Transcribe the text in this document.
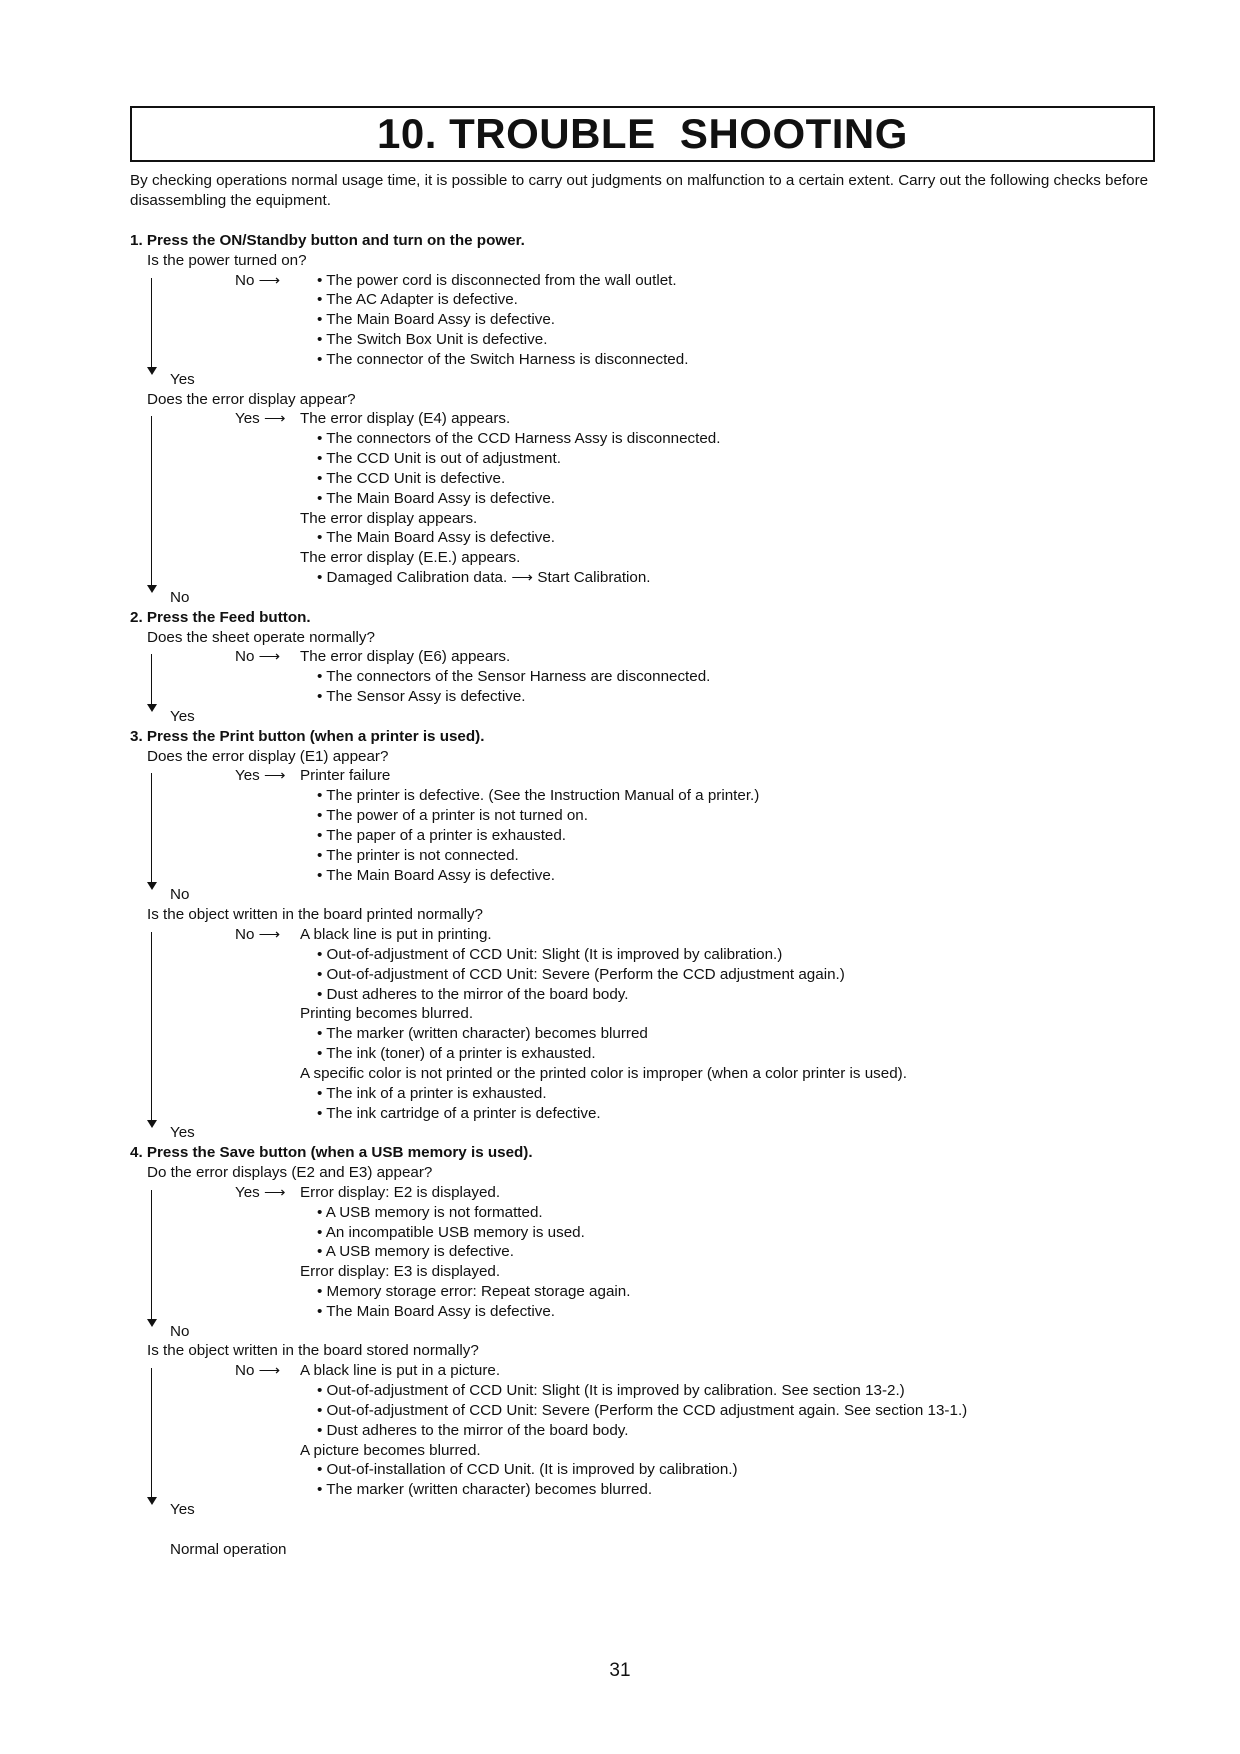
10. TROUBLE  SHOOTING
By checking operations normal usage time, it is possible to carry out judgments on malfunction to a certain extent. Carry out the following checks before disassembling the equipment.
1. Press the ON/Standby button and turn on the power.
Is the power turned on?
No ⟶ • The power cord is disconnected from the wall outlet.
• The AC Adapter is defective.
• The Main Board Assy is defective.
• The Switch Box Unit is defective.
• The connector of the Switch Harness is disconnected.
Yes
Does the error display appear?
Yes ⟶ The error display (E4) appears.
• The connectors of the CCD Harness Assy is disconnected.
• The CCD Unit is out of adjustment.
• The CCD Unit is defective.
• The Main Board Assy is defective.
The error display appears.
• The Main Board Assy is defective.
The error display (E.E.) appears.
• Damaged Calibration data. ⟶ Start Calibration.
No
2. Press the Feed button.
Does the sheet operate normally?
No ⟶ The error display (E6) appears.
• The connectors of the Sensor Harness are disconnected.
• The Sensor Assy is defective.
Yes
3. Press the Print button (when a printer is used).
Does the error display (E1) appear?
Yes ⟶ Printer failure
• The printer is defective. (See the Instruction Manual of a printer.)
• The power of a printer is not turned on.
• The paper of a printer is exhausted.
• The printer is not connected.
• The Main Board Assy is defective.
No
Is the object written in the board printed normally?
No ⟶ A black line is put in printing.
• Out-of-adjustment of CCD Unit: Slight (It is improved by calibration.)
• Out-of-adjustment of CCD Unit: Severe (Perform the CCD adjustment again.)
• Dust adheres to the mirror of the board body.
Printing becomes blurred.
• The marker (written character) becomes blurred
• The ink (toner) of a printer is exhausted.
A specific color is not printed or the printed color is improper (when a color printer is used).
• The ink of a printer is exhausted.
• The ink cartridge of a printer is defective.
Yes
4. Press the Save button (when a USB memory is used).
Do the error displays (E2 and E3) appear?
Yes ⟶ Error display: E2 is displayed.
• A USB memory is not formatted.
• An incompatible USB memory is used.
• A USB memory is defective.
Error display: E3 is displayed.
• Memory storage error: Repeat storage again.
• The Main Board Assy is defective.
No
Is the object written in the board stored normally?
No ⟶ A black line is put in a picture.
• Out-of-adjustment of CCD Unit: Slight (It is improved by calibration. See section 13-2.)
• Out-of-adjustment of CCD Unit: Severe (Perform the CCD adjustment again. See section 13-1.)
• Dust adheres to the mirror of the board body.
A picture becomes blurred.
• Out-of-installation of CCD Unit. (It is improved by calibration.)
• The marker (written character) becomes blurred.
Yes
Normal operation
31
